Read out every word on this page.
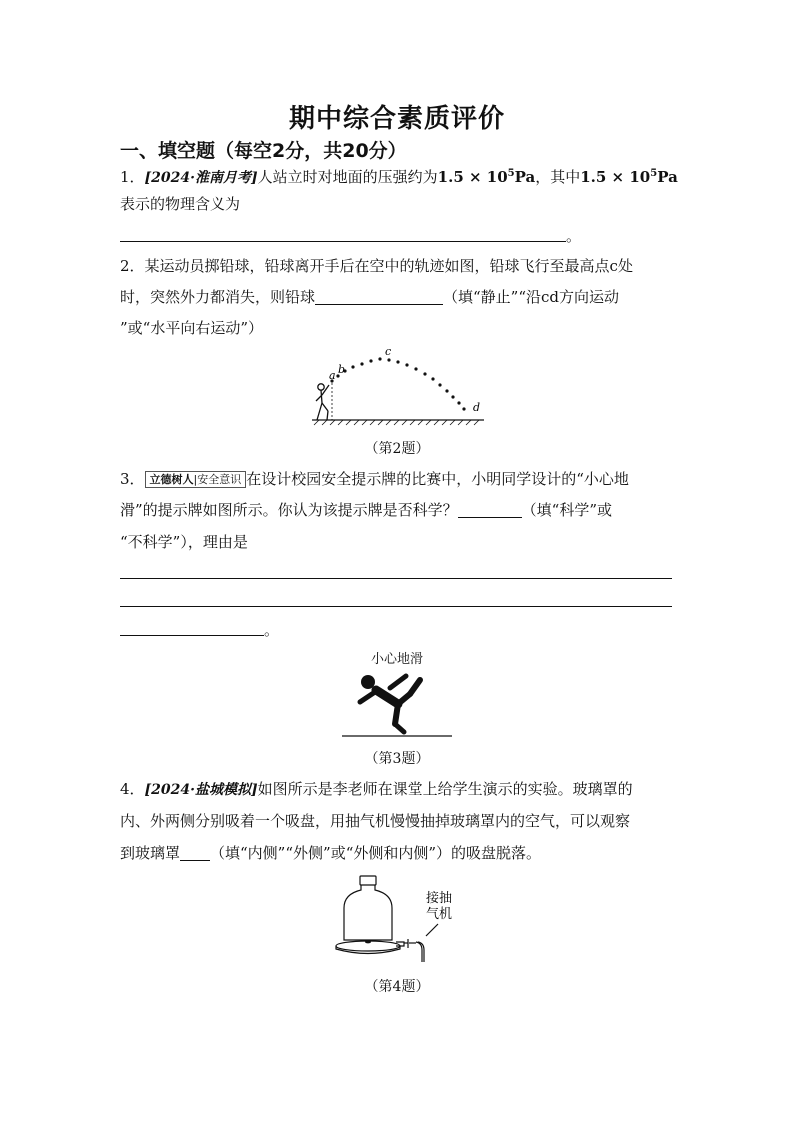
期中综合素质评价
一、填空题（每空2分，共20分）
1．[2024·淮南月考]人站立时对地面的压强约为$1.5 \times 10^5Pa$，其中$1.5 \times 10^5Pa$
表示的物理含义为
。
2．某运动员掷铅球，铅球离开手后在空中的轨迹如图，铅球飞行至最高点c处
时，突然外力都消失，则铅球	（填“静止”“沿cd方向运动
”或“水平向右运动”）
a b
c
d
（第2题）
3． 立德树人|安全意识 在设计校园安全提示牌的比赛中，小明同学设计的“小心地
滑”的提示牌如图所示。你认为该提示牌是否科学？	（填“科学”或
“不科学”），理由是
。
小心地滑
（第3题）
4．[2024·盐城模拟]如图所示是李老师在课堂上给学生演示的实验。玻璃罩的
内、外两侧分别吸着一个吸盘，用抽气机慢慢抽掉玻璃罩内的空气，可以观察
到玻璃罩 （填“内侧”“外侧”或“外侧和内侧”）的吸盘脱落。
接抽
气机
（第4题）
